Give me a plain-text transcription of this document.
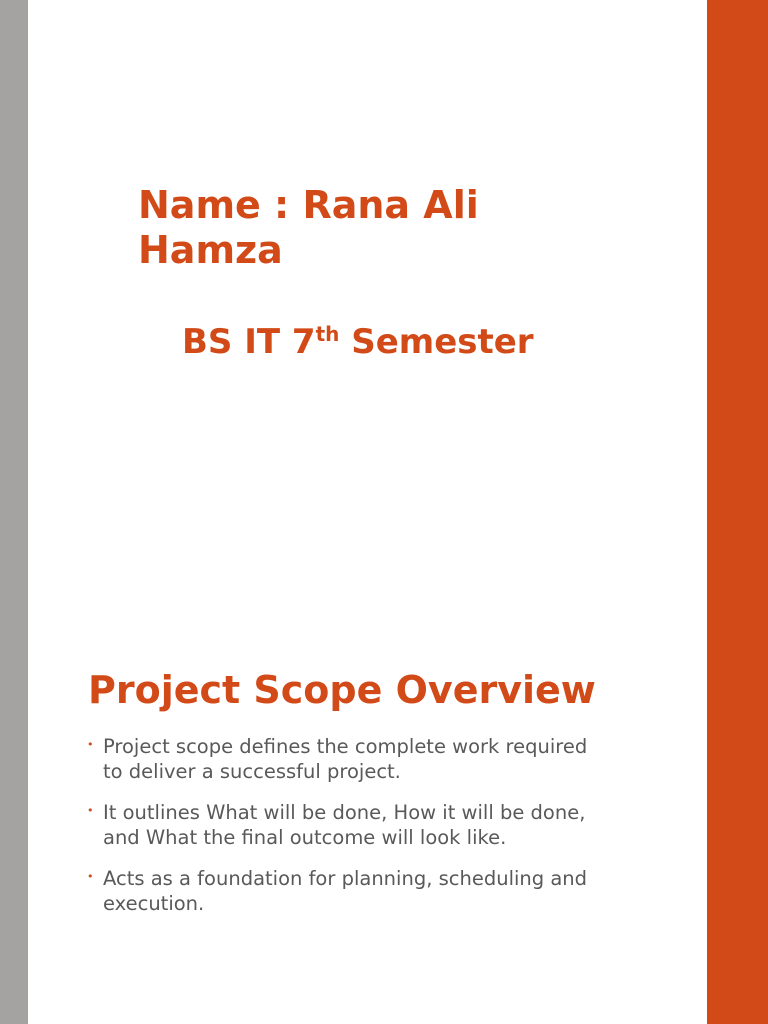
Name : Rana Ali Hamza
BS IT 7th Semester
Project Scope Overview
• Project scope defines the complete work required to deliver a successful project.
• It outlines What will be done, How it will be done, and What the final outcome will look like.
• Acts as a foundation for planning, scheduling and execution.
